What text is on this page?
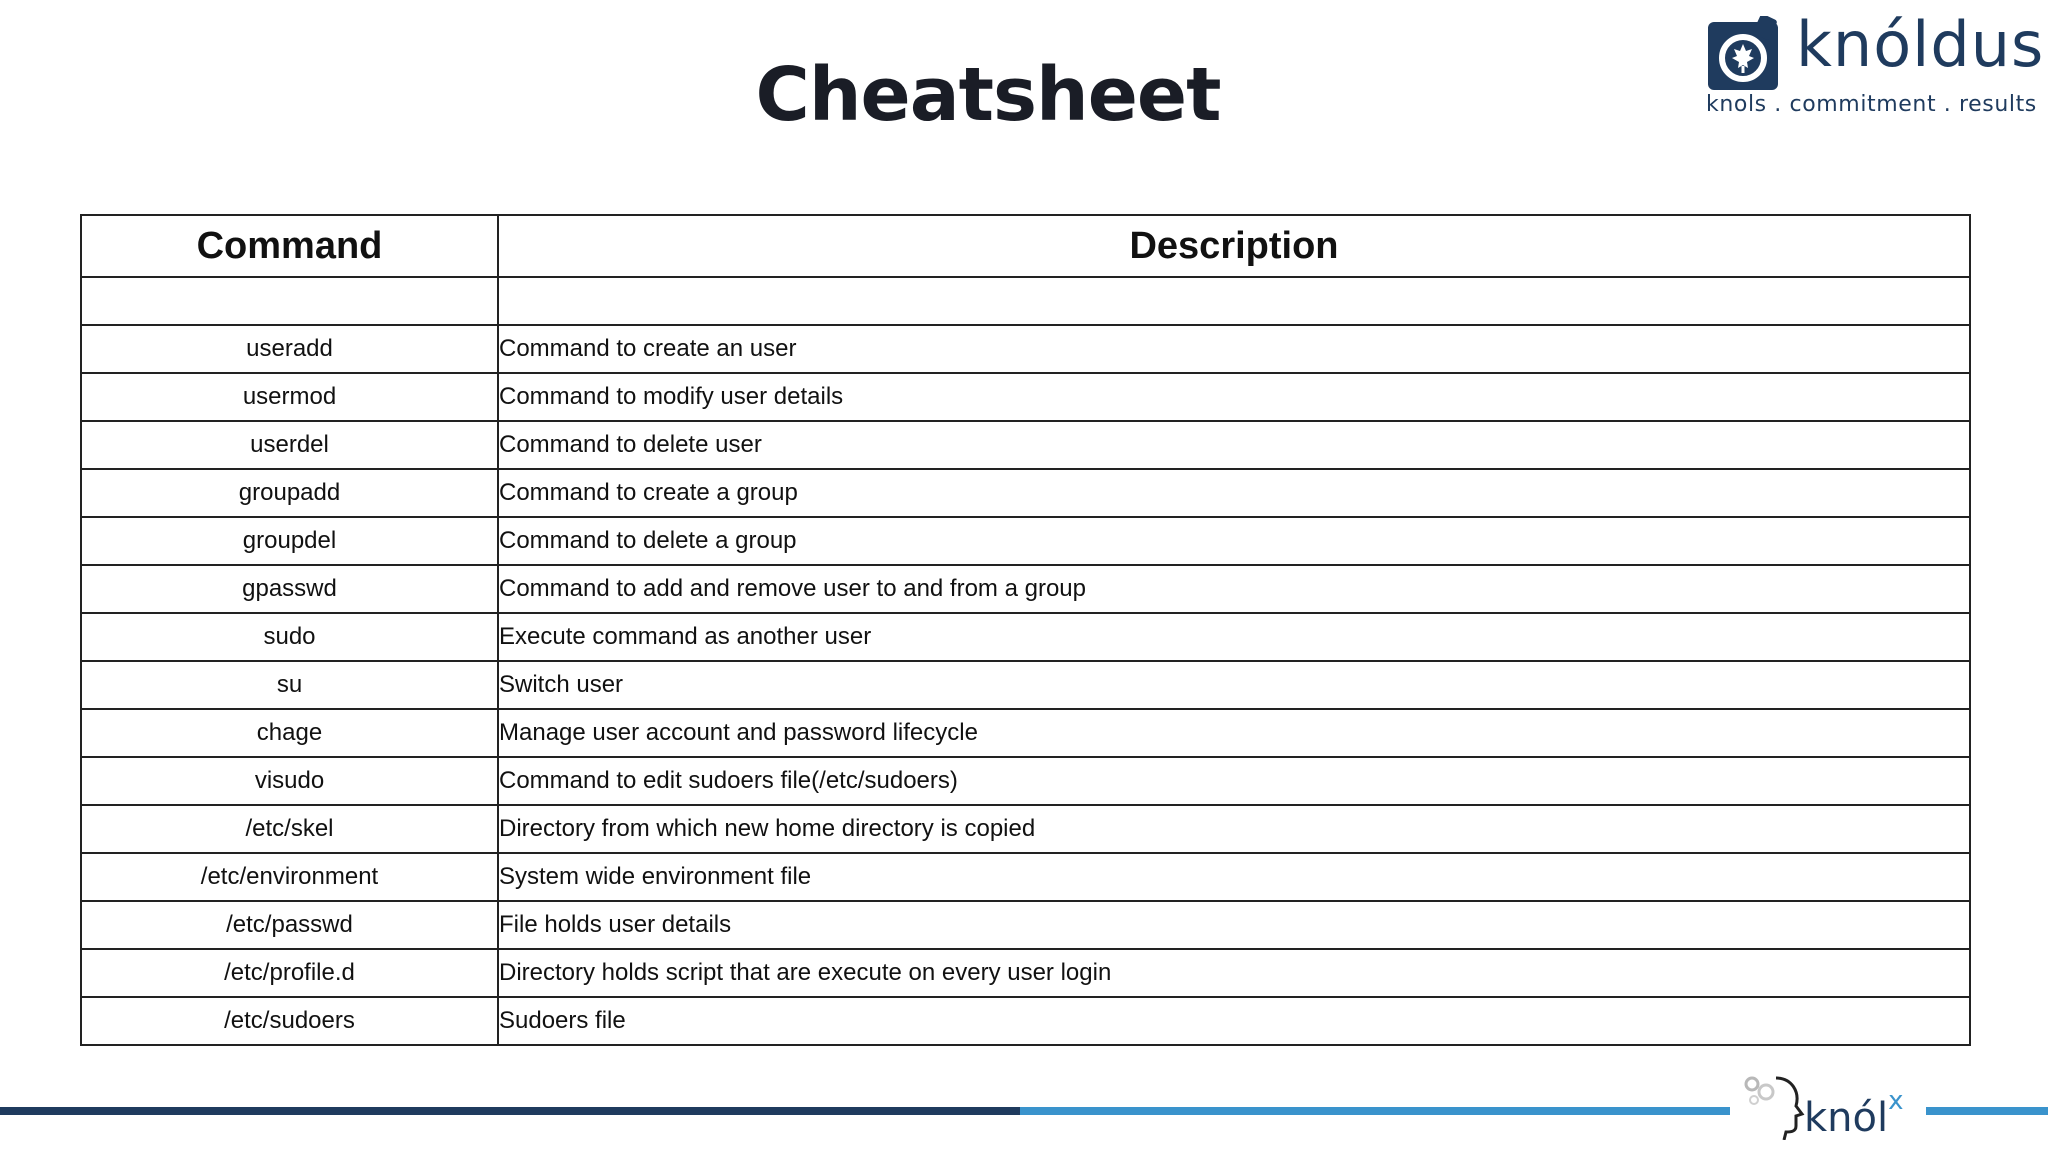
Cheatsheet
knóldus
knols . commitment . results
Command	Description

useradd	Command to create an user
usermod	Command to modify user details
userdel	Command to delete user
groupadd	Command to create a group
groupdel	Command to delete a group
gpasswd	Command to add and remove user to and from a group
sudo	Execute command as another user
su	Switch user
chage	Manage user account and password lifecycle
visudo	Command to edit sudoers file(/etc/sudoers)
/etc/skel	Directory from which new home directory is copied
/etc/environment	System wide environment file
/etc/passwd	File holds user details
/etc/profile.d	Directory holds script that are execute on every user login
/etc/sudoers	Sudoers file
knól$^x$
